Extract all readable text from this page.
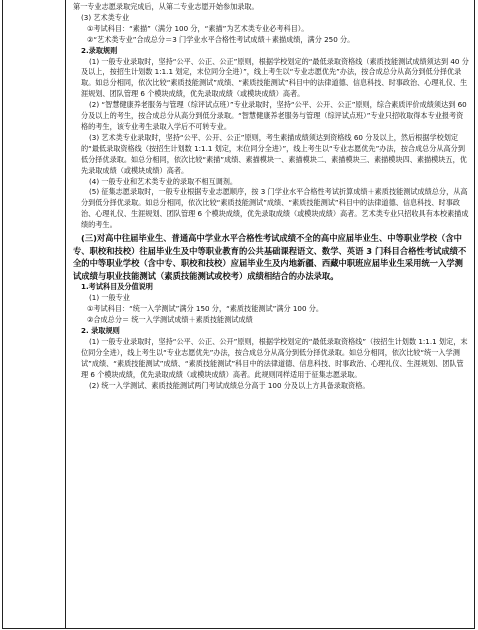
第一专业志愿录取完成后，从第二专业志愿开始参加录取。

(3) 艺术类专业

①考试科目：“素描”（满分 100 分，“素描”为艺术类专业必考科目）。

②“艺术类专业”合成总分＝3 门学业水平合格性考试成绩＋素描成绩，满分 250 分。

2.录取规则

(1) 一般专业录取时，坚持“公平、公正、公正”原则，根据学校划定的“最低录取资格线（素质技能测试成绩须达到 40 分及以上，按招生计划数 1:1.1 划定，末位同分全进）”，线上考生以“专业志愿优先”办法，按合成总分从高分到低分择优录取。如总分相同，依次比较“素质技能测试”成绩、“素质技能测试”科目中的法律道德、信息科技、时事政治、心理礼仪、生涯规划、团队管理 6 个模块成绩，优先录取成绩（或模块成绩）高者。

(2) “智慧健康养老服务与管理（综评试点班）”专业录取时，坚持“公平、公开、公正”原则，综合素质评价成绩须达到 60 分及以上的考生，按合成总分从高分到低分录取。“智慧健康养老服务与管理（综评试点班）”专业只招收取得本专业报考资格的考生，该专业考生录取入学后不可转专业。

(3) 艺术类专业录取时，坚持“公平、公开、公正”原则，考生素描成绩须达到资格线 60 分及以上，然后根据学校划定的“最低录取资格线（按招生计划数 1:1.1 划定，末位同分全进）”，线上考生以“专业志愿优先”办法，按合成总分从高分到低分择优录取。如总分相同，依次比较“素描”成绩、素描模块一、素描模块二、素描模块三、素描模块四、素描模块五，优先录取成绩（或模块成绩）高者。

(4) 一般专业和艺术类专业的录取不相互调剂。

(5) 征集志愿录取时，一般专业根据专业志愿顺序，按 3 门学业水平合格性考试折算成绩＋素质技能测试成绩总分，从高分到低分择优录取。如总分相同，依次比较“素质技能测试”成绩、“素质技能测试”科目中的法律道德、信息科技、时事政治、心理礼仪、生涯规划、团队管理 6 个模块成绩，优先录取成绩（或模块成绩）高者。艺术类专业只招收具有本校素描成绩的考生。

(三)对高中往届毕业生、普通高中学业水平合格性考试成绩不全的高中应届毕业生、中等职业学校（含中专、职校和技校）往届毕业生及中等职业教育的公共基础课程语文、数学、英语 3 门科目合格性考试成绩不全的中等职业学校（含中专、职校和技校）应届毕业生及内地新疆、西藏中职班应届毕业生采用统一入学测试成绩与职业技能测试（素质技能测试或校考）成绩相结合的办法录取。

1.考试科目及分值说明

(1) 一般专业

①考试科目：“统一入学测试”满分 150 分，“素质技能测试”满分 100 分。

②合成总分＝ 统一入学测试成绩＋素质技能测试成绩

2. 录取规则

(1) 一般专业录取时，坚持“公平、公正、公开”原则，根据学校划定的“最低录取资格线”（按招生计划数 1:1.1 划定，末位同分全进），线上考生以“专业志愿优先”办法，按合成总分从高分到低分择优录取。如总分相同，依次比较“统一入学测试”成绩、“素质技能测试”成绩、“素质技能测试”科目中的法律道德、信息科技、时事政治、心理礼仪、生涯规划、团队管理 6 个模块成绩，优先录取成绩（或模块成绩）高者。此规则同样适用于征集志愿录取。

(2) 统一入学测试、素质技能测试两门考试成绩总分高于 100 分及以上方具备录取资格。
